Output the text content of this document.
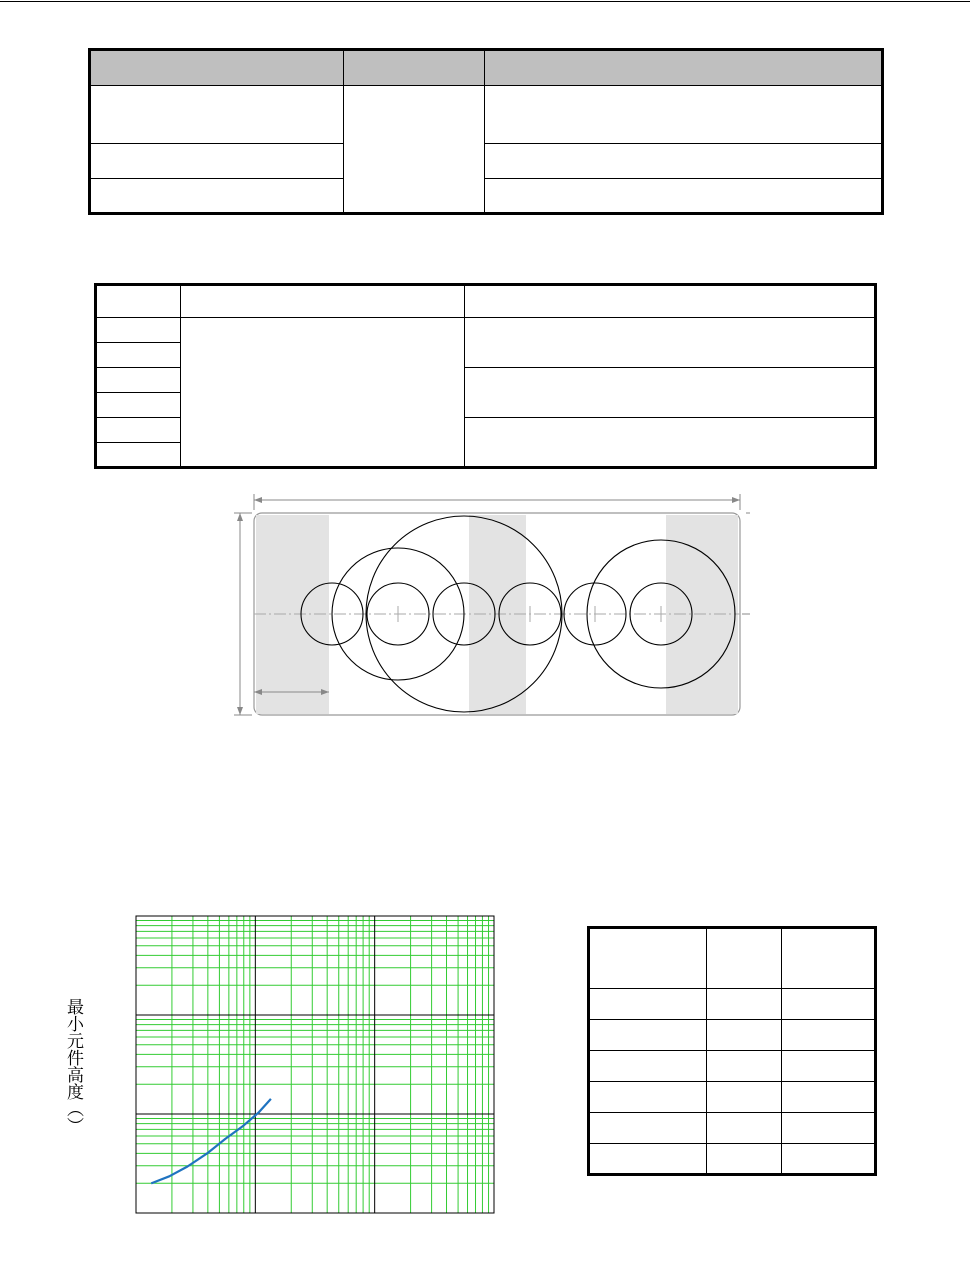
最小元件高度（）
